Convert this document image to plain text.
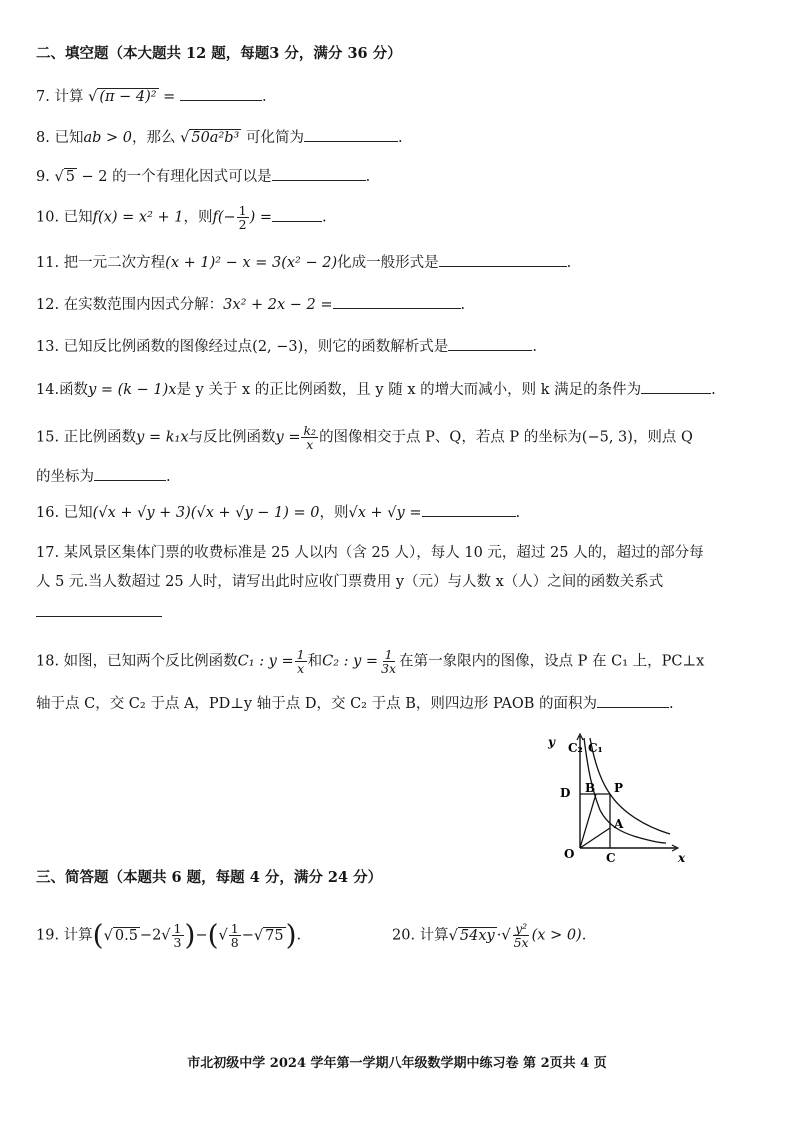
二、填空题（本大题共 12 题，每题3 分，满分 36 分）
7. 计算 √ (π − 4)² =	.
8. 已知ab > 0，那么 √ 50a²b³ 可化简为	.
9. √ 5 − 2 的一个有理化因式可以是	.
10. 已知f(x) = x² + 1，则$f(- \frac{1}{2}$ ) =	.
11. 把一元二次方程(x + 1)² − x = 3(x² − 2)化成一般形式是	.
12. 在实数范围内因式分解：3x² + 2x − 2 =	.
13. 已知反比例函数的图像经过点(2, −3)，则它的函数解析式是	.
14.函数y = (k − 1)x是 y 关于 x 的正比例函数，且 y 随 x 的增大而减小，则 k 满足的条件为	.
15. 正比例函数y = k₁x与反比例函数$y = \frac{\text{k₂}}{x}$ 的图像相交于点 P、Q，若点 P 的坐标为(−5, 3)，则点 Q
的坐标为	.
16. 已知(√x + √y + 3)(√x + √y − 1) = 0，则√x + √y =	.
17. 某风景区集体门票的收费标准是 25 人以内（含 25 人），每人 10 元，超过 25 人的，超过的部分每
人 5 元.当人数超过 25 人时，请写出此时应收门票费用 y（元）与人数 x（人）之间的函数关系式
18. 如图，已知两个反比例函数C₁ : $y = \frac{1}{x}$ 和C₂ : $y = \frac{1}{3x}$ 在第一象限内的图像，设点 P 在 C₁ 上，PC⊥x
轴于点 C，交 C₂ 于点 A，PD⊥y 轴于点 D，交 C₂ 于点 B，则四边形 PAOB 的面积为	.
y
x
O
C₂ C₁
D B P
A
C
三、简答题（本题共 6 题，每题 4 分，满分 24 分）
19. 计算(√ $0.5 -2√ \frac{1}{3}$ )−(√ $\frac{1}{8}$ −√ 75).	20. 计算√ 54xy ·√ $\frac{\text{y²}}{5x} (x > 0)$.
市北初级中学 2024 学年第一学期八年级数学期中练习卷 第 2页共 4 页
